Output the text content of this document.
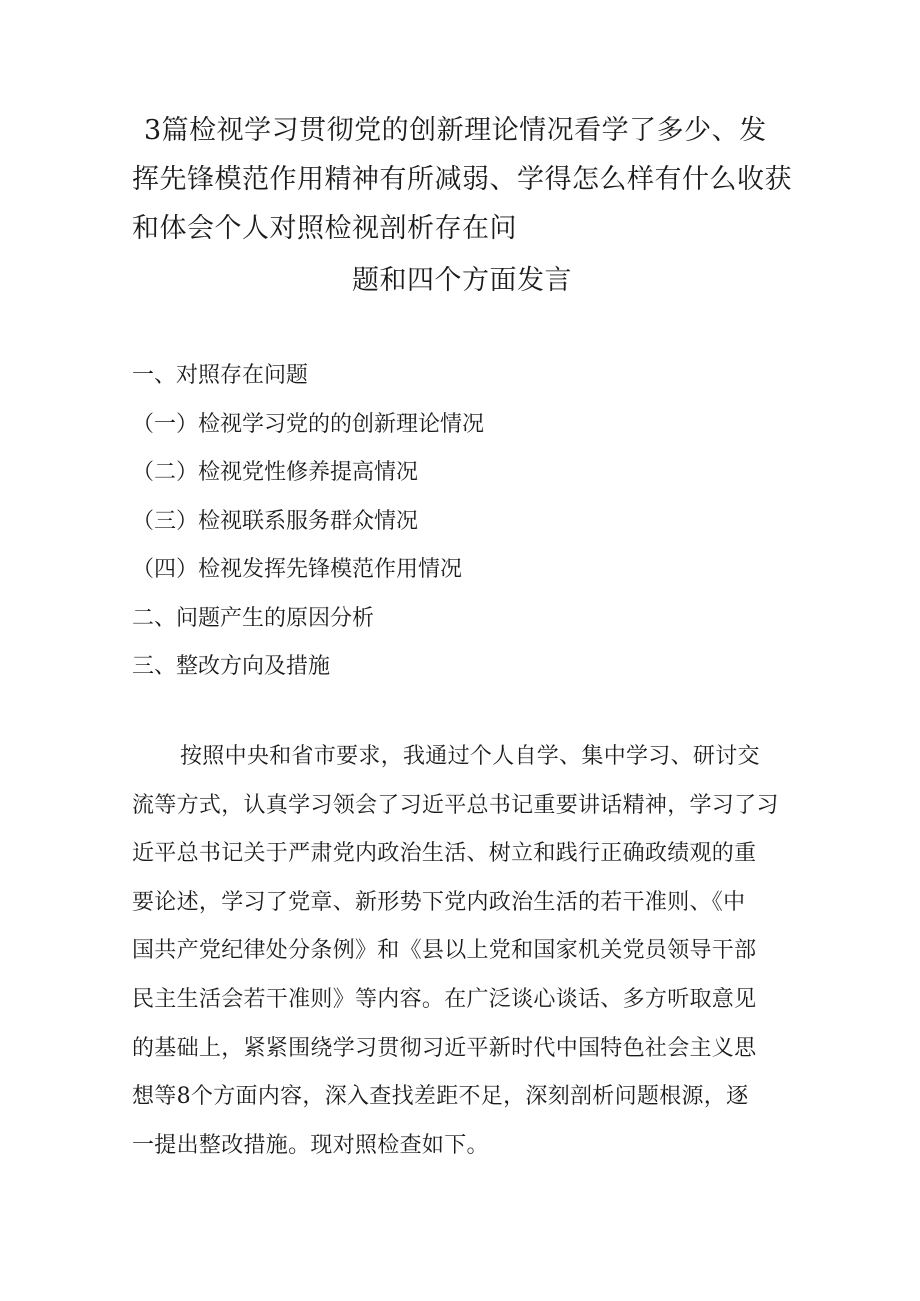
3篇检视学习贯彻党的创新理论情况看学了多少、发
挥先锋模范作用精神有所减弱、学得怎么样有什么收获
和体会个人对照检视剖析存在问
题和四个方面发言
一、对照存在问题
（一）检视学习党的的创新理论情况
（二）检视党性修养提高情况
（三）检视联系服务群众情况
（四）检视发挥先锋模范作用情况
二、问题产生的原因分析
三、整改方向及措施
按照中央和省市要求，我通过个人自学、集中学习、研讨交
流等方式，认真学习领会了习近平总书记重要讲话精神，学习了习
近平总书记关于严肃党内政治生活、树立和践行正确政绩观的重
要论述，学习了党章、新形势下党内政治生活的若干准则、《中
国共产党纪律处分条例》和《县以上党和国家机关党员领导干部
民主生活会若干准则》等内容。在广泛谈心谈话、多方听取意见
的基础上，紧紧围绕学习贯彻习近平新时代中国特色社会主义思
想等8个方面内容，深入查找差距不足，深刻剖析问题根源，逐
一提出整改措施。现对照检查如下。
